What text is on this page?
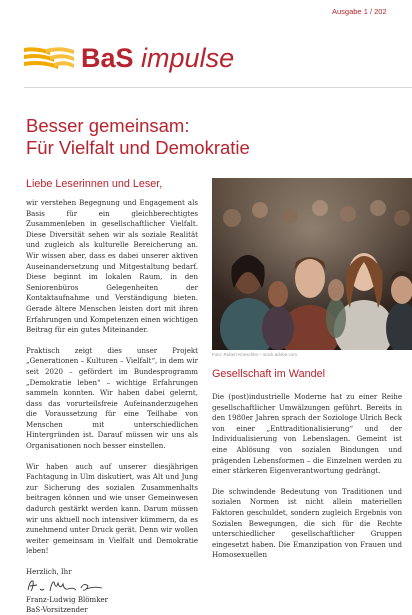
Ausgabe 1 / 202
BaS impulse
Besser gemeinsam:
Für Vielfalt und Demokratie
Liebe Leserinnen und Leser,

wir verstehen Begegnung und Engagement als Basis für ein gleichberechtigtes Zusammenleben in gesellschaftlicher Vielfalt. Diese Diversität sehen wir als soziale Realität und zugleich als kulturelle Bereicherung an. Wir wissen aber, dass es dabei unserer aktiven Auseinandersetzung und Mitgestaltung bedarf. Diese beginnt im lokalen Raum, in den Seniorenbüros Gelegenheiten der Kontaktaufnahme und Verständigung bieten. Gerade ältere Menschen leisten dort mit ihren Erfahrungen und Kompetenzen einen wichtigen Beitrag für ein gutes Miteinander.

Praktisch zeigt dies unser Projekt „Generationen – Kulturen – Vielfalt“, in dem wir seit 2020 – gefördert im Bundesprogramm „Demokratie leben“ – wichtige Erfahrungen sammeln konnten. Wir haben dabei gelernt, dass das vorurteilsfreie Aufeinanderzugehen die Voraussetzung für eine Teilhabe von Menschen mit unterschiedlichen Hintergründen ist. Darauf müssen wir uns als Organisationen noch besser einstellen.

Wir haben auch auf unserer diesjährigen Fachtagung in Ulm diskutiert, was Alt und Jung zur Sicherung des sozialen Zusammenhalts beitragen können und wie unser Gemeinwesen dadurch gestärkt werden kann. Darum müssen wir uns aktuell noch intensiver kümmern, da es zunehmend unter Druck gerät. Denn wir wollen weiter gemeinsam in Vielfalt und Demokratie leben!

Herzlich, Ihr
Franz-Ludwig Blömker
BaS-Vorsitzender
Foto: Robert Kneschke – stock.adobe.com
Gesellschaft im Wandel

Die (post)industrielle Moderne hat zu einer Reihe gesellschaftlicher Umwälzungen geführt. Bereits in den 1980er Jahren sprach der Soziologe Ulrich Beck von einer „Enttraditionalisierung“ und der Individualisierung von Lebenslagen. Gemeint ist eine Ablösung von sozialen Bindungen und prägenden Lebensformen – die Einzelnen werden zu einer stärkeren Eigenverantwortung gedrängt.

Die schwindende Bedeutung von Traditionen und sozialen Normen ist nicht allein materiellen Faktoren geschuldet, sondern zugleich Ergebnis von Sozialen Bewegungen, die sich für die Rechte unterschiedlicher gesellschaftlicher Gruppen eingesetzt haben. Die Emanzipation von Frauen und Homosexuellen
